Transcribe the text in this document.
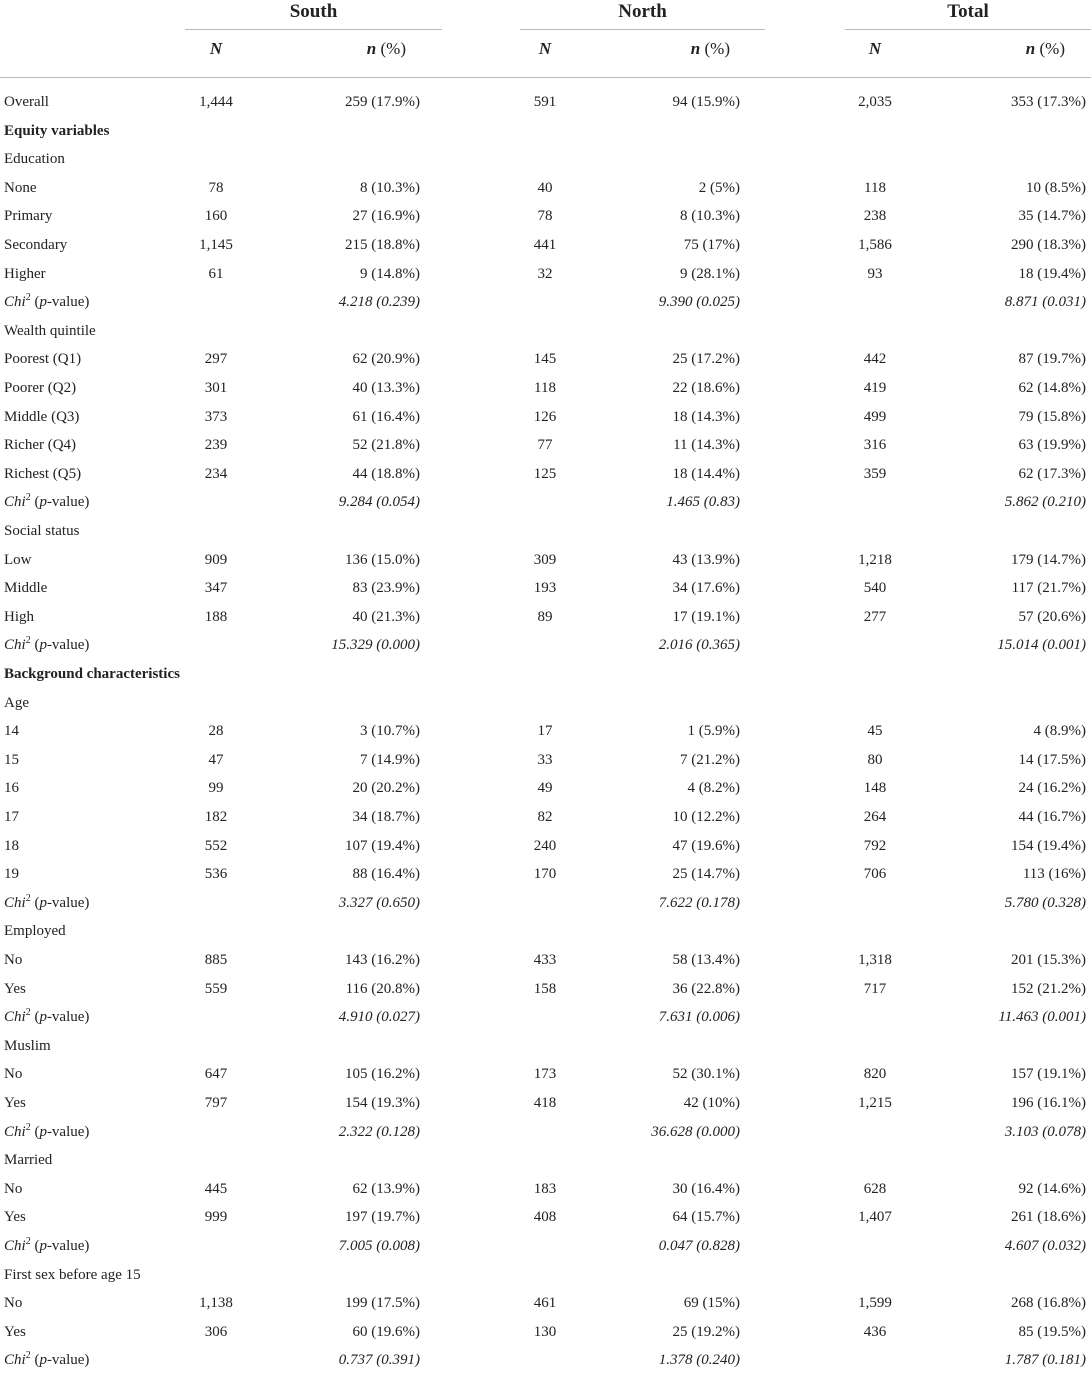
South	North	Total
N	n (%)	N	n (%)	N	n (%)
Overall	1,444	259 (17.9%)	591	94 (15.9%)	2,035	353 (17.3%)
Equity variables
Education
None	78	8 (10.3%)	40	2 (5%)	118	10 (8.5%)
Primary	160	27 (16.9%)	78	8 (10.3%)	238	35 (14.7%)
Secondary	1,145	215 (18.8%)	441	75 (17%)	1,586	290 (18.3%)
Higher	61	9 (14.8%)	32	9 (28.1%)	93	18 (19.4%)
Chi$^2$ (p-value)	4.218 (0.239)	9.390 (0.025)	8.871 (0.031)
Wealth quintile
Poorest (Q1)	297	62 (20.9%)	145	25 (17.2%)	442	87 (19.7%)
Poorer (Q2)	301	40 (13.3%)	118	22 (18.6%)	419	62 (14.8%)
Middle (Q3)	373	61 (16.4%)	126	18 (14.3%)	499	79 (15.8%)
Richer (Q4)	239	52 (21.8%)	77	11 (14.3%)	316	63 (19.9%)
Richest (Q5)	234	44 (18.8%)	125	18 (14.4%)	359	62 (17.3%)
Chi$^2$ (p-value)	9.284 (0.054)	1.465 (0.83)	5.862 (0.210)
Social status
Low	909	136 (15.0%)	309	43 (13.9%)	1,218	179 (14.7%)
Middle	347	83 (23.9%)	193	34 (17.6%)	540	117 (21.7%)
High	188	40 (21.3%)	89	17 (19.1%)	277	57 (20.6%)
Chi$^2$ (p-value)	15.329 (0.000)	2.016 (0.365)	15.014 (0.001)
Background characteristics
Age
14	28	3 (10.7%)	17	1 (5.9%)	45	4 (8.9%)
15	47	7 (14.9%)	33	7 (21.2%)	80	14 (17.5%)
16	99	20 (20.2%)	49	4 (8.2%)	148	24 (16.2%)
17	182	34 (18.7%)	82	10 (12.2%)	264	44 (16.7%)
18	552	107 (19.4%)	240	47 (19.6%)	792	154 (19.4%)
19	536	88 (16.4%)	170	25 (14.7%)	706	113 (16%)
Chi$^2$ (p-value)	3.327 (0.650)	7.622 (0.178)	5.780 (0.328)
Employed
No	885	143 (16.2%)	433	58 (13.4%)	1,318	201 (15.3%)
Yes	559	116 (20.8%)	158	36 (22.8%)	717	152 (21.2%)
Chi$^2$ (p-value)	4.910 (0.027)	7.631 (0.006)	11.463 (0.001)
Muslim
No	647	105 (16.2%)	173	52 (30.1%)	820	157 (19.1%)
Yes	797	154 (19.3%)	418	42 (10%)	1,215	196 (16.1%)
Chi$^2$ (p-value)	2.322 (0.128)	36.628 (0.000)	3.103 (0.078)
Married
No	445	62 (13.9%)	183	30 (16.4%)	628	92 (14.6%)
Yes	999	197 (19.7%)	408	64 (15.7%)	1,407	261 (18.6%)
Chi$^2$ (p-value)	7.005 (0.008)	0.047 (0.828)	4.607 (0.032)
First sex before age 15
No	1,138	199 (17.5%)	461	69 (15%)	1,599	268 (16.8%)
Yes	306	60 (19.6%)	130	25 (19.2%)	436	85 (19.5%)
Chi$^2$ (p-value)	0.737 (0.391)	1.378 (0.240)	1.787 (0.181)
